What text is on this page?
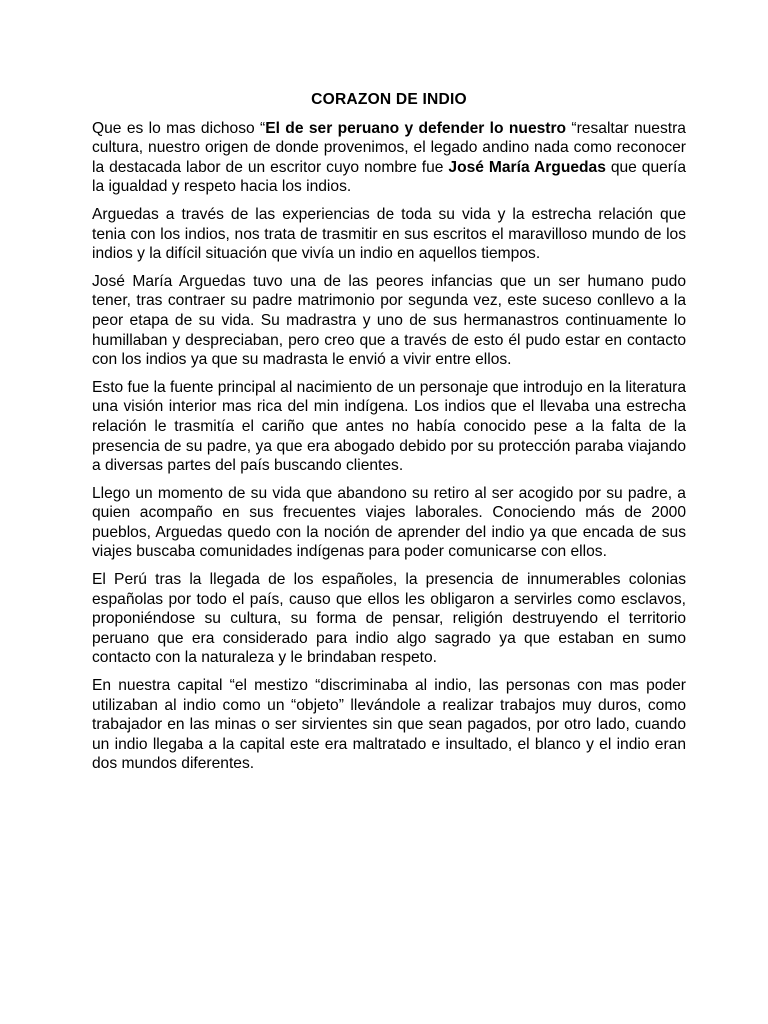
CORAZON DE INDIO

Que es lo mas dichoso “El de ser peruano y defender lo nuestro “resaltar nuestra cultura, nuestro origen de donde provenimos, el legado andino nada como reconocer la destacada labor de un escritor cuyo nombre fue José María Arguedas que quería la igualdad y respeto hacia los indios.

Arguedas a través de las experiencias de toda su vida y la estrecha relación que tenia con los indios, nos trata de trasmitir en sus escritos el maravilloso mundo de los indios y la difícil situación que vivía un indio en aquellos tiempos.

José María Arguedas tuvo una de las peores infancias que un ser humano pudo tener, tras contraer su padre matrimonio por segunda vez, este suceso conllevo a la peor etapa de su vida. Su madrastra y uno de sus hermanastros continuamente lo humillaban y despreciaban, pero creo que a través de esto él pudo estar en contacto con los indios ya que su madrasta le envió a vivir entre ellos.

Esto fue la fuente principal al nacimiento de un personaje que introdujo en la literatura una visión interior mas rica del min indígena. Los indios que el llevaba una estrecha relación le trasmitía el cariño que antes no había conocido pese a la falta de la presencia de su padre, ya que era abogado debido por su protección paraba viajando a diversas partes del país buscando clientes.

Llego un momento de su vida que abandono su retiro al ser acogido por su padre, a quien acompaño en sus frecuentes viajes laborales. Conociendo más de 2000 pueblos, Arguedas quedo con la noción de aprender del indio ya que encada de sus viajes buscaba comunidades indígenas para poder comunicarse con ellos.

El Perú tras la llegada de los españoles, la presencia de innumerables colonias españolas por todo el país, causo que ellos les obligaron a servirles como esclavos, proponiéndose su cultura, su forma de pensar, religión destruyendo el territorio peruano que era considerado para indio algo sagrado ya que estaban en sumo contacto con la naturaleza y le brindaban respeto.

En nuestra capital “el mestizo “discriminaba al indio, las personas con mas poder utilizaban al indio como un “objeto” llevándole a realizar trabajos muy duros, como trabajador en las minas o ser sirvientes sin que sean pagados, por otro lado, cuando un indio llegaba a la capital este era maltratado e insultado, el blanco y el indio eran dos mundos diferentes.
